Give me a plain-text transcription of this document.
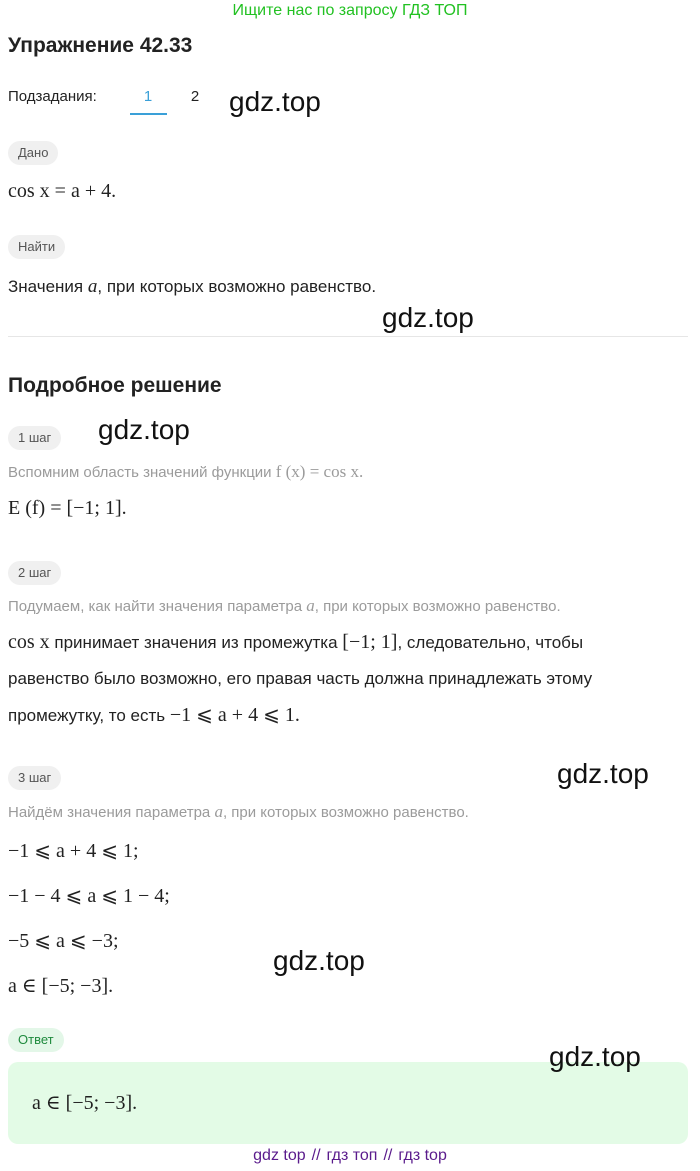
Ищите нас по запросу ГДЗ ТОП
Упражнение 42.33
Подзадания:	1	2	gdz.top
Дано
cos x = a + 4.
Найти
Значения a, при которых возможно равенство.
gdz.top
Подробное решение
1 шаг	gdz.top
Вспомним область значений функции f (x) = cos x.
E (f) = [−1; 1].
2 шаг
Подумаем, как найти значения параметра a, при которых возможно равенство.
cos x принимает значения из промежутка [−1; 1], следовательно, чтобы
равенство было возможно, его правая часть должна принадлежать этому
промежутку, то есть −1 ⩽ a + 4 ⩽ 1.
3 шаг	gdz.top
Найдём значения параметра a, при которых возможно равенство.
−1 ⩽ a + 4 ⩽ 1;
−1 − 4 ⩽ a ⩽ 1 − 4;
−5 ⩽ a ⩽ −3;
gdz.top
a ∈ [−5; −3].
Ответ
gdz.top
a ∈ [−5; −3].
gdz top // гдз топ // гдз top
